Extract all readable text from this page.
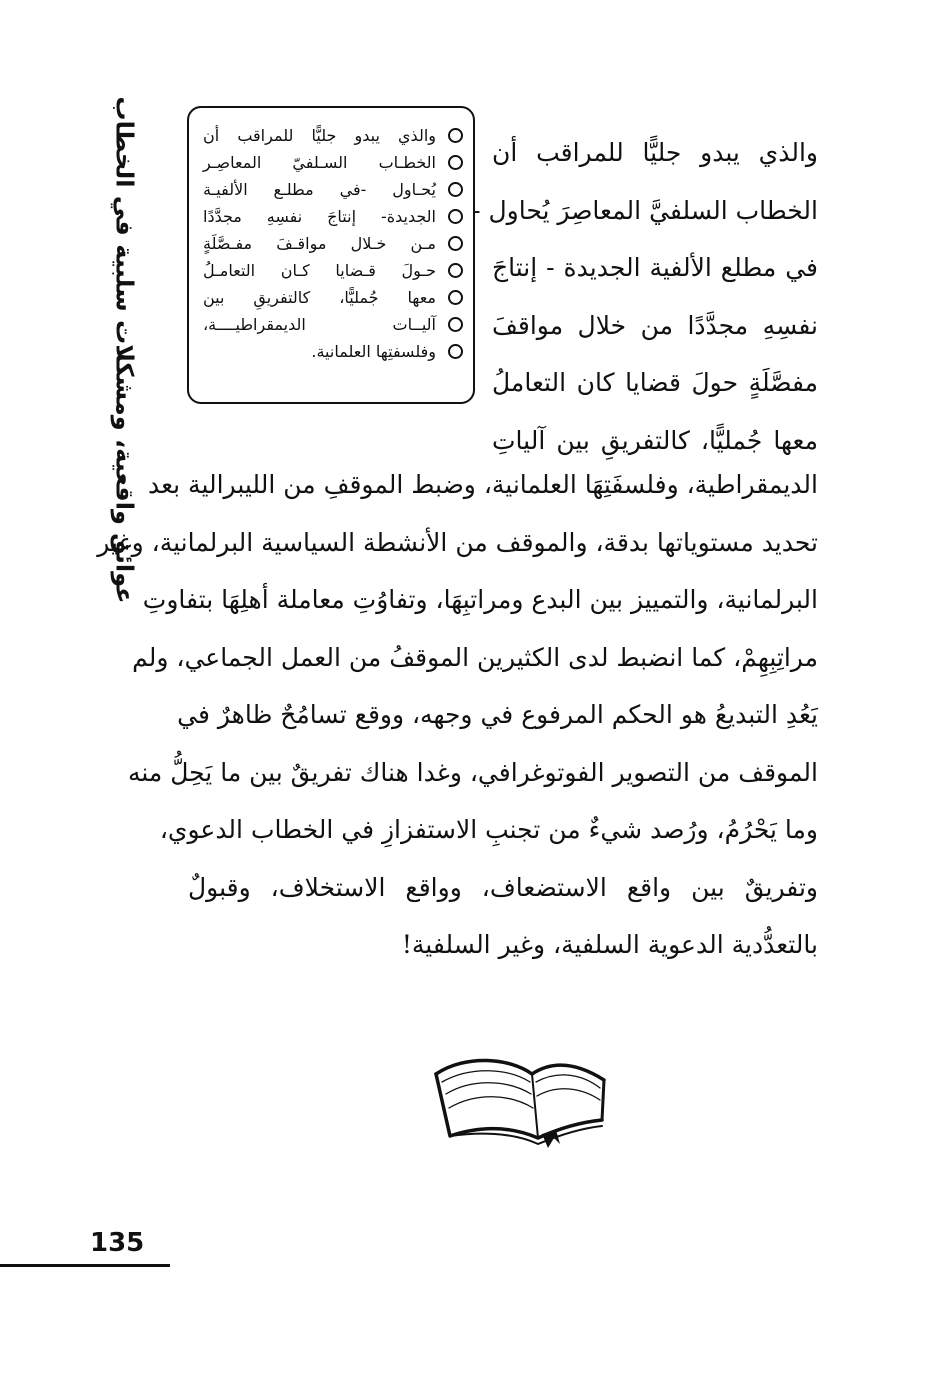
عوائق واقعية، ومشكلات سلبية في الخطاب	والذي يبدو جليًّا للمراقب أن
الخطـاب السـلفيّ المعاصِـر
يُحـاول -في مطلـع الألفيـة
الجديدة- إنتاجَ نفسِهِ مجدَّدًا
مـن خـلال مواقـفَ مفـصَّلَةٍ
حـولَ قـضايا كـان التعامـلُ
معها جُمليًّا، كالتفريقِ بين
آليــات الديمقراطيــــة،
وفلسفتِها العلمانية.
والذي يبدو جليًّا للمراقب أن
الخطاب السلفيَّ المعاصِرَ يُحاول -
في مطلع الألفية الجديدة - إنتاجَ
نفسِهِ مجدَّدًا من خلال مواقفَ
مفصَّلَةٍ حولَ قضايا كان التعاملُ
معها جُمليًّا، كالتفريقِ بين آلياتِ
الديمقراطية، وفلسفَتِهَا العلمانية، وضبط الموقفِ من الليبرالية بعد
تحديد مستوياتها بدقة، والموقف من الأنشطة السياسية البرلمانية، وغير
البرلمانية، والتمييز بين البدع ومراتبِهَا، وتفاوُتِ معاملة أهلِهَا بتفاوتِ
مراتِبِهِمْ، كما انضبط لدى الكثيرين الموقفُ من العمل الجماعي، ولم
يَعُدِ التبديعُ هو الحكم المرفوع في وجهه، ووقع تسامُحٌ ظاهرٌ في
الموقف من التصوير الفوتوغرافي، وغدا هناك تفريقٌ بين ما يَحِلُّ منه
وما يَحْرُمُ، ورُصد شيءٌ من تجنبِ الاستفزازِ في الخطاب الدعوي،
وتفريقٌ بين واقع الاستضعاف، وواقع الاستخلاف، وقبولٌ
بالتعدُّدية الدعوية السلفية، وغير السلفية!
135
